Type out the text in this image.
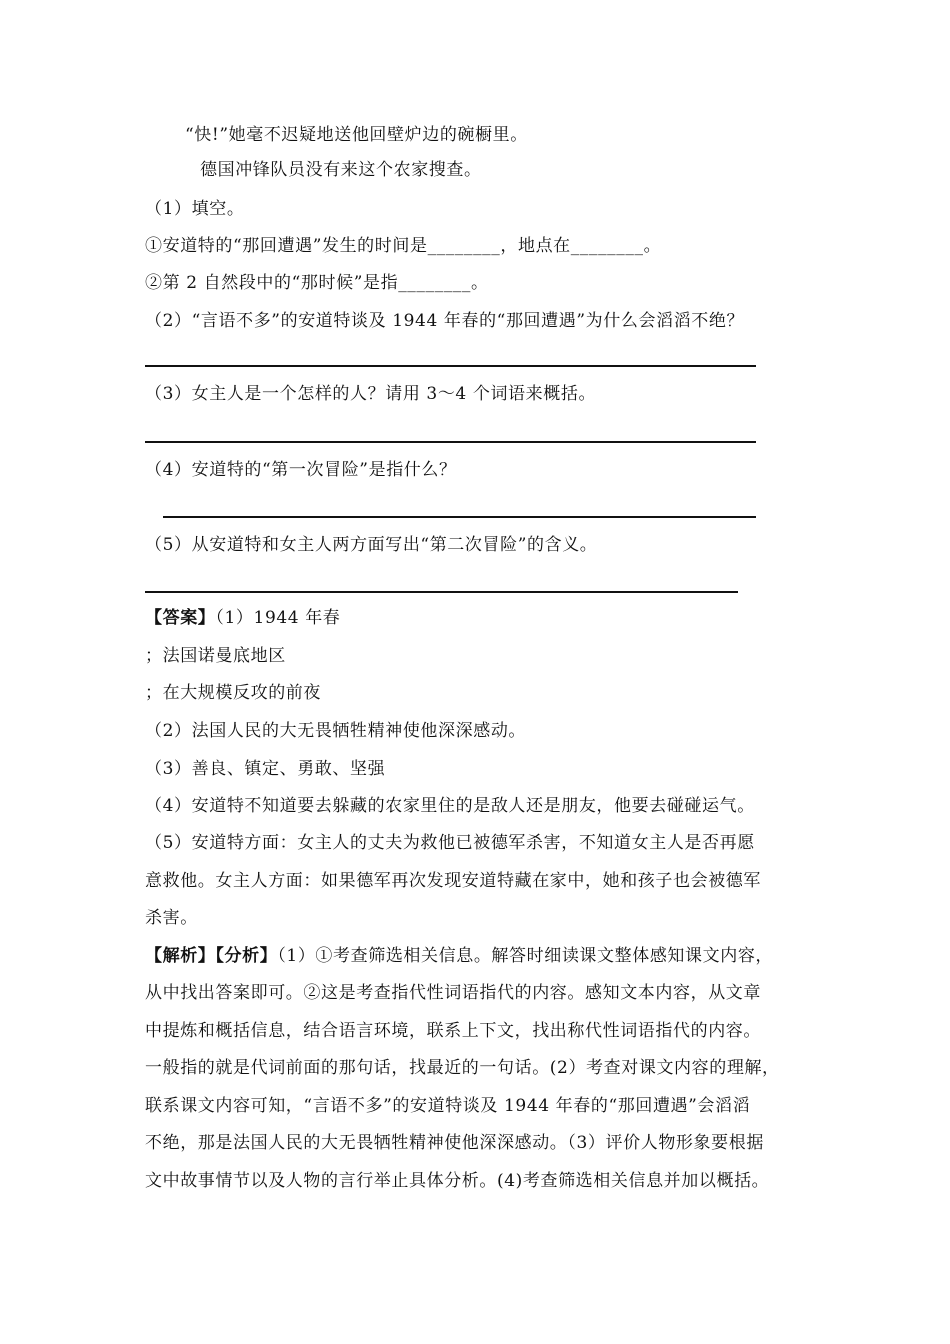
“快!”她毫不迟疑地送他回壁炉边的碗橱里。
德国冲锋队员没有来这个农家搜查。
（1）填空。
①安道特的“那回遭遇”发生的时间是________，地点在________。
②第 2 自然段中的“那时候”是指________。
（2）“言语不多”的安道特谈及 1944 年春的“那回遭遇”为什么会滔滔不绝？
（3）女主人是一个怎样的人？请用 3～4 个词语来概括。
（4）安道特的“第一次冒险”是指什么？
（5）从安道特和女主人两方面写出“第二次冒险”的含义。
【答案】（1）1944 年春
；法国诺曼底地区
；在大规模反攻的前夜
（2）法国人民的大无畏牺牲精神使他深深感动。
（3）善良、镇定、勇敢、坚强
（4）安道特不知道要去躲藏的农家里住的是敌人还是朋友，他要去碰碰运气。
（5）安道特方面：女主人的丈夫为救他已被德军杀害，不知道女主人是否再愿
意救他。女主人方面：如果德军再次发现安道特藏在家中，她和孩子也会被德军
杀害。
【解析】【分析】（1）①考查筛选相关信息。解答时细读课文整体感知课文内容，
从中找出答案即可。②这是考查指代性词语指代的内容。感知文本内容，从文章
中提炼和概括信息，结合语言环境，联系上下文，找出称代性词语指代的内容。
一般指的就是代词前面的那句话，找最近的一句话。(2）考查对课文内容的理解，
联系课文内容可知，“言语不多”的安道特谈及 1944 年春的“那回遭遇”会滔滔
不绝，那是法国人民的大无畏牺牲精神使他深深感动。（3）评价人物形象要根据
文中故事情节以及人物的言行举止具体分析。(4)考查筛选相关信息并加以概括。
